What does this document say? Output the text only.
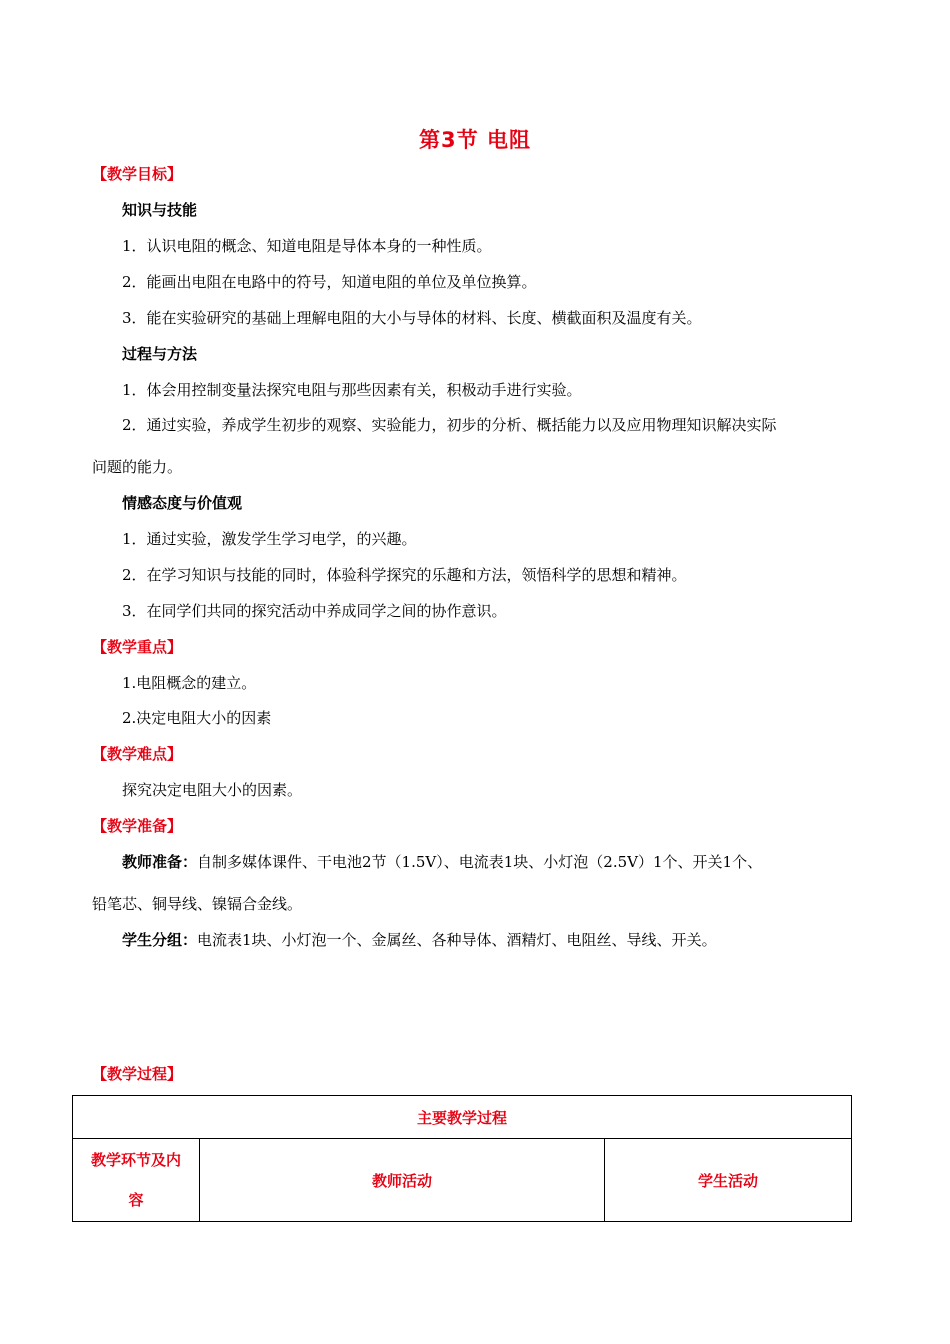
第3节 电阻
【教学目标】
知识与技能
1．认识电阻的概念、知道电阻是导体本身的一种性质。
2．能画出电阻在电路中的符号，知道电阻的单位及单位换算。
3．能在实验研究的基础上理解电阻的大小与导体的材料、长度、横截面积及温度有关。
过程与方法
1．体会用控制变量法探究电阻与那些因素有关，积极动手进行实验。
2．通过实验，养成学生初步的观察、实验能力，初步的分析、概括能力以及应用物理知识解决实际
问题的能力。
情感态度与价值观
1．通过实验，激发学生学习电学，的兴趣。
2．在学习知识与技能的同时，体验科学探究的乐趣和方法，领悟科学的思想和精神。
3．在同学们共同的探究活动中养成同学之间的协作意识。
【教学重点】
1.电阻概念的建立。
2.决定电阻大小的因素
【教学难点】
探究决定电阻大小的因素。
【教学准备】
教师准备：自制多媒体课件、干电池2节（1.5V）、电流表1块、小灯泡（2.5V）1个、开关1个、
铅笔芯、铜导线、镍镉合金线。
学生分组：电流表1块、小灯泡一个、金属丝、各种导体、酒精灯、电阻丝、导线、开关。
【教学过程】
主要教学过程

教学环节及内
容
	教师活动	学生活动
